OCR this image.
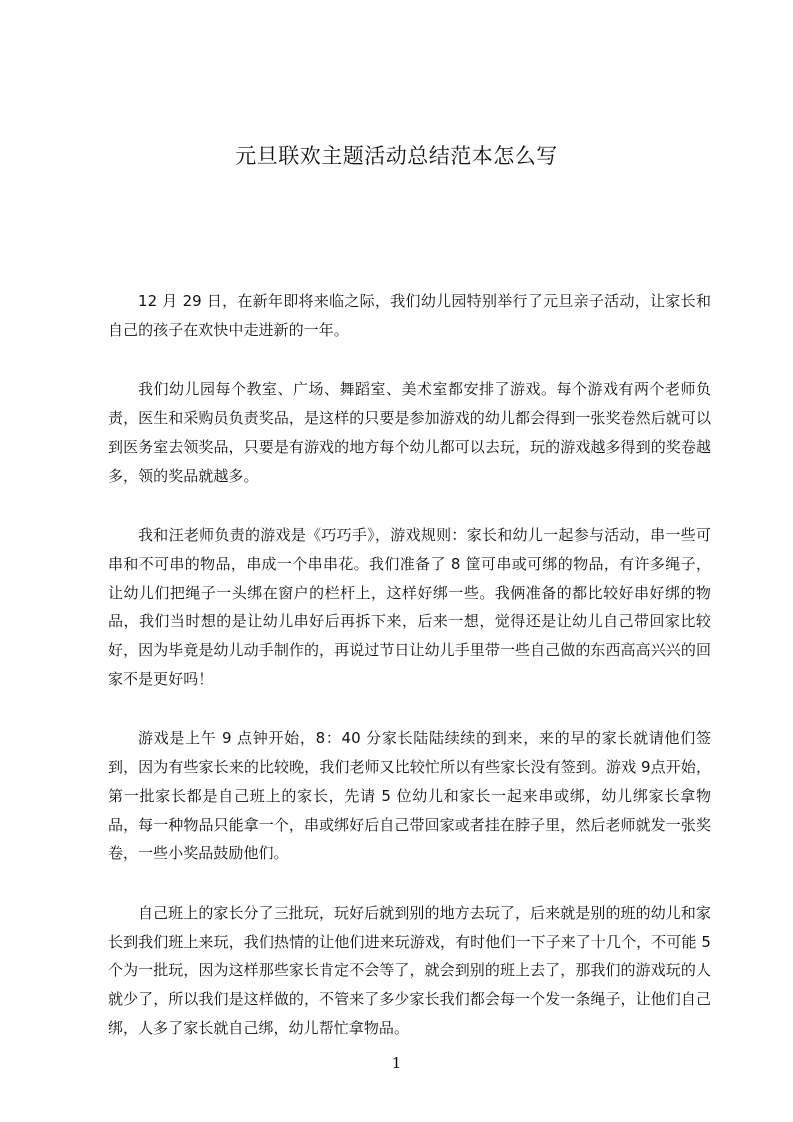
元旦联欢主题活动总结范本怎么写

12 月 29 日，在新年即将来临之际，我们幼儿园特别举行了元旦亲子活动，让家长和自己的孩子在欢快中走进新的一年。

我们幼儿园每个教室、广场、舞蹈室、美术室都安排了游戏。每个游戏有两个老师负责，医生和采购员负责奖品，是这样的只要是参加游戏的幼儿都会得到一张奖卷然后就可以到医务室去领奖品，只要是有游戏的地方每个幼儿都可以去玩，玩的游戏越多得到的奖卷越多，领的奖品就越多。

我和汪老师负责的游戏是《巧巧手》，游戏规则：家长和幼儿一起参与活动，串一些可串和不可串的物品，串成一个串串花。我们准备了 8 筐可串或可绑的物品，有许多绳子，让幼儿们把绳子一头绑在窗户的栏杆上，这样好绑一些。我俩准备的都比较好串好绑的物品，我们当时想的是让幼儿串好后再拆下来，后来一想，觉得还是让幼儿自己带回家比较好，因为毕竟是幼儿动手制作的，再说过节日让幼儿手里带一些自己做的东西高高兴兴的回家不是更好吗！

游戏是上午 9 点钟开始，8：40 分家长陆陆续续的到来，来的早的家长就请他们签到，因为有些家长来的比较晚，我们老师又比较忙所以有些家长没有签到。游戏 9点开始，第一批家长都是自己班上的家长，先请 5 位幼儿和家长一起来串或绑，幼儿绑家长拿物品，每一种物品只能拿一个，串或绑好后自己带回家或者挂在脖子里，然后老师就发一张奖卷，一些小奖品鼓励他们。

自己班上的家长分了三批玩，玩好后就到别的地方去玩了，后来就是别的班的幼儿和家长到我们班上来玩，我们热情的让他们进来玩游戏，有时他们一下子来了十几个，不可能 5 个为一批玩，因为这样那些家长肯定不会等了，就会到别的班上去了，那我们的游戏玩的人就少了，所以我们是这样做的，不管来了多少家长我们都会每一个发一条绳子，让他们自己绑，人多了家长就自己绑，幼儿帮忙拿物品。

1
